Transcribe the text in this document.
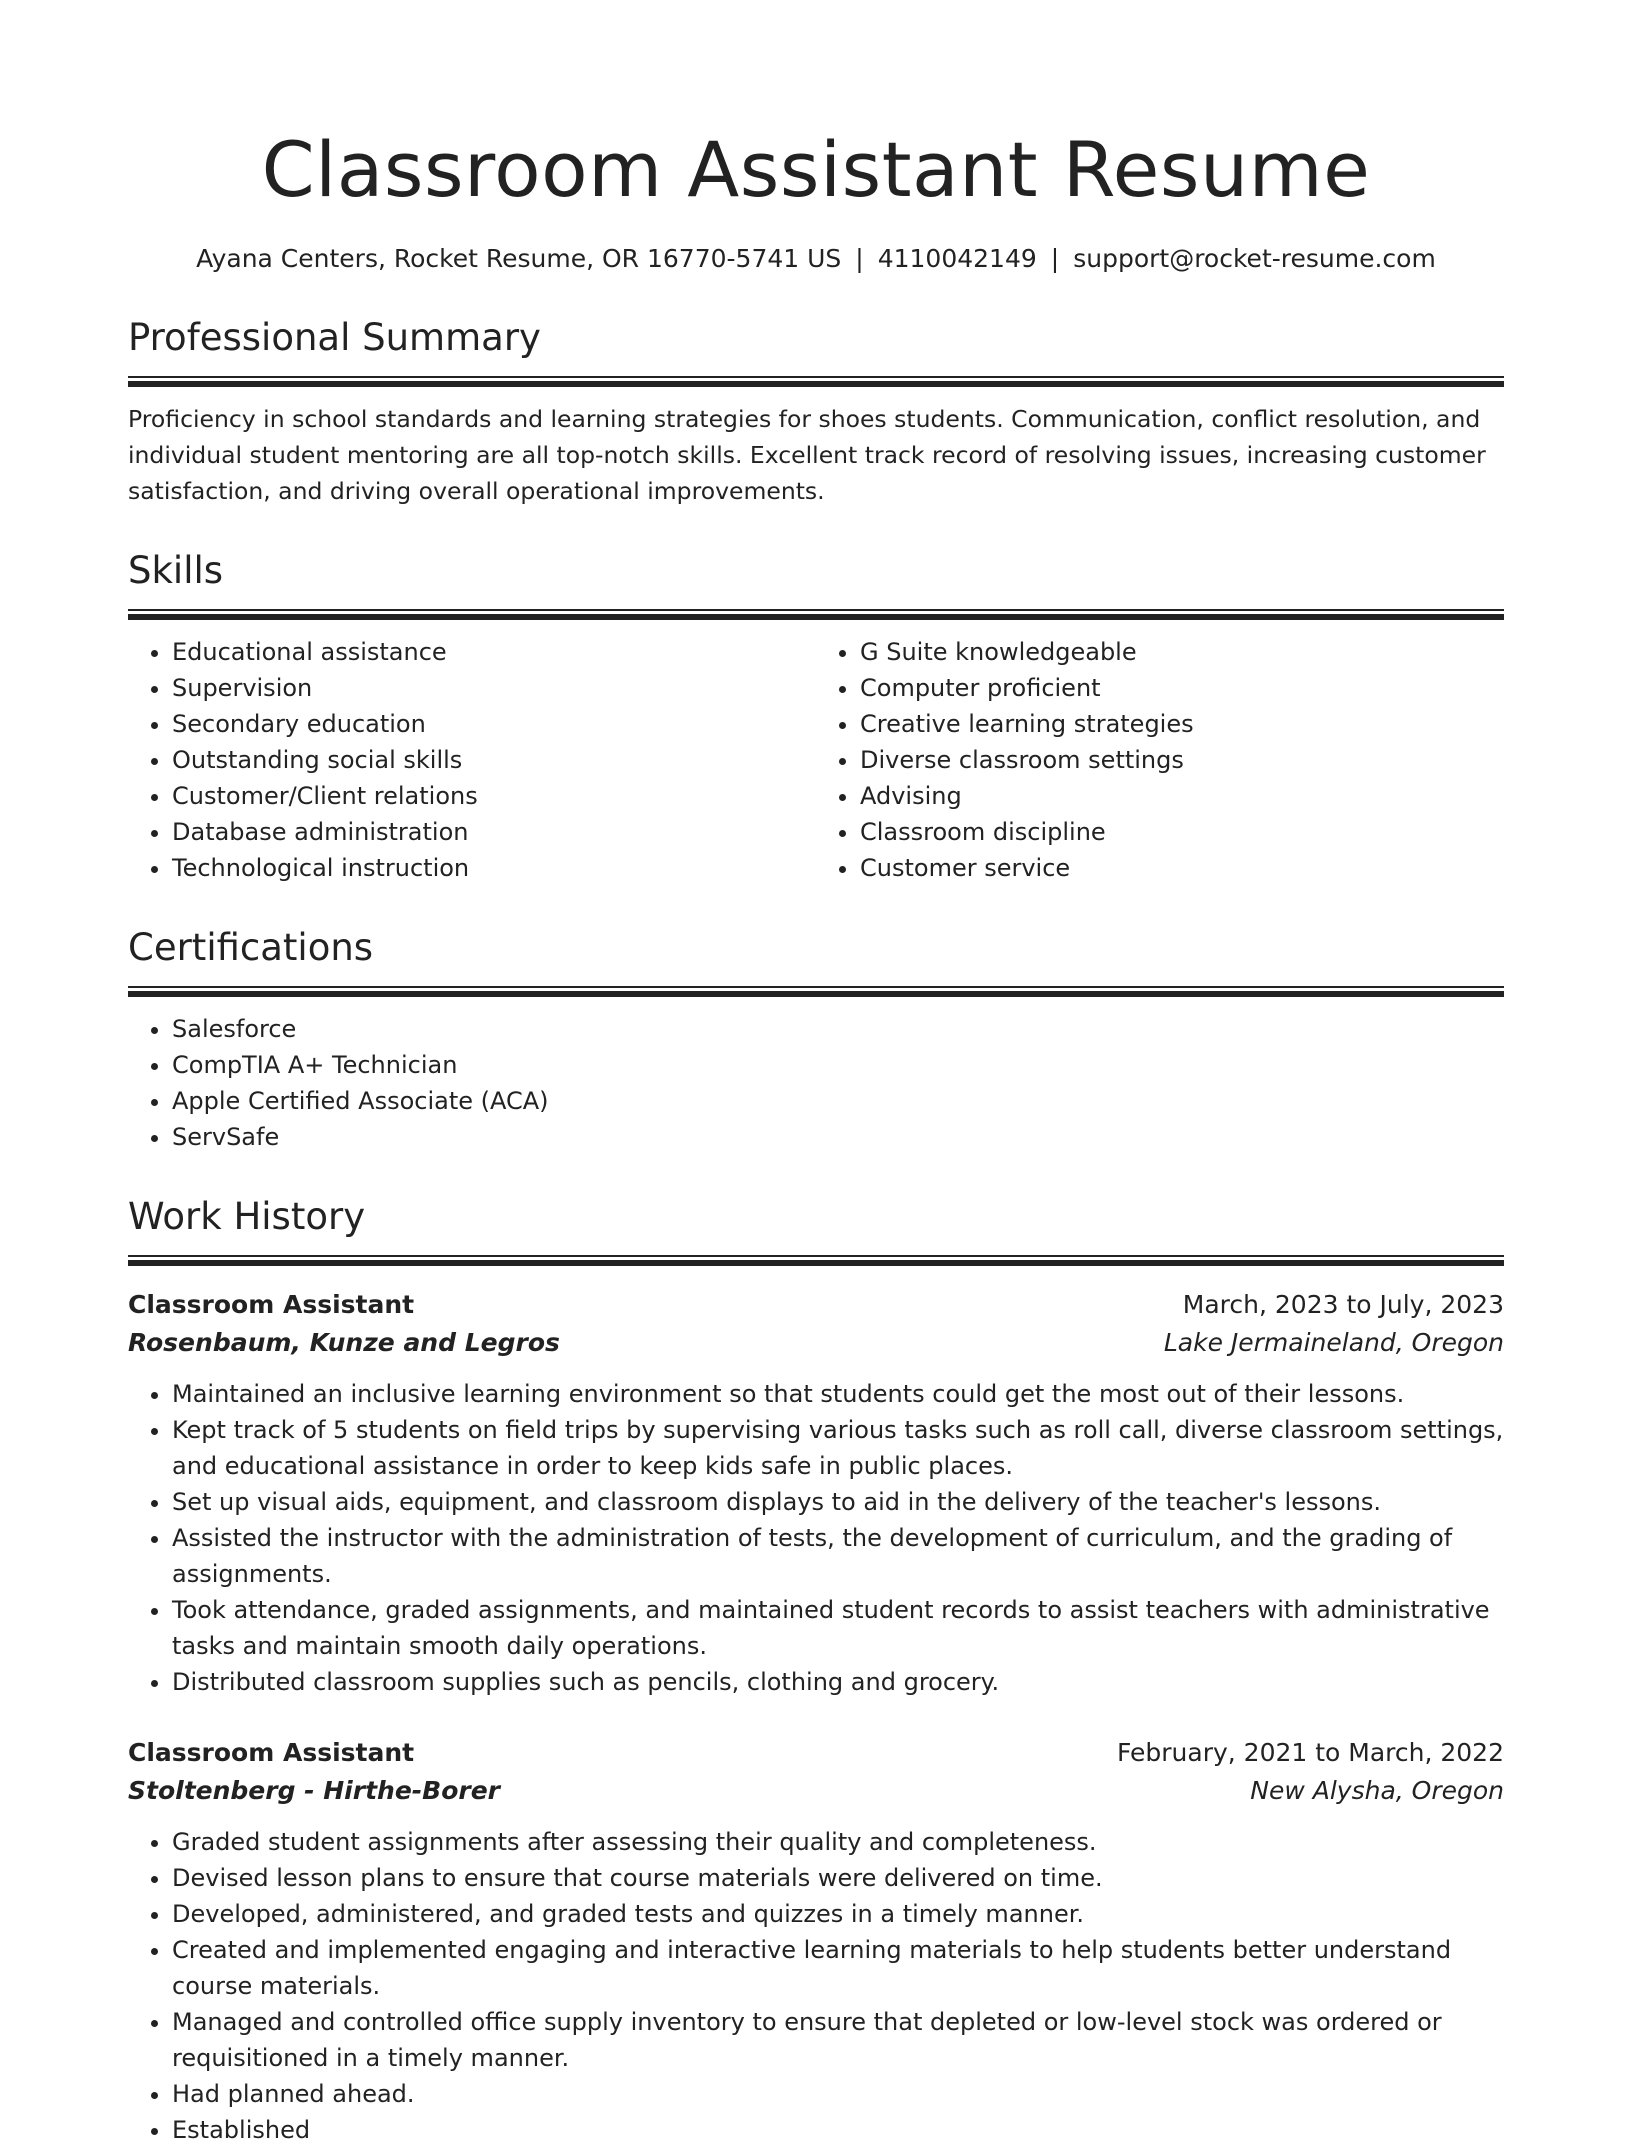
Classroom Assistant Resume
Ayana Centers, Rocket Resume, OR 16770-5741 US | 4110042149 | support@rocket-resume.com
Professional Summary

Proficiency in school standards and learning strategies for shoes students. Communication, conflict resolution, and individual student mentoring are all top-notch skills. Excellent track record of resolving issues, increasing customer satisfaction, and driving overall operational improvements.

Skills
• Educational assistance
• Supervision
• Secondary education
• Outstanding social skills
• Customer/Client relations
• Database administration
• Technological instruction
• G Suite knowledgeable
• Computer proficient
• Creative learning strategies
• Diverse classroom settings
• Advising
• Classroom discipline
• Customer service
Certifications
• Salesforce
• CompTIA A+ Technician
• Apple Certified Associate (ACA)
• ServSafe
Work History
Classroom Assistant	March, 2023 to July, 2023
Rosenbaum, Kunze and Legros	Lake Jermaineland, Oregon
• Maintained an inclusive learning environment so that students could get the most out of their lessons.
• Kept track of 5 students on field trips by supervising various tasks such as roll call, diverse classroom settings, and educational assistance in order to keep kids safe in public places.
• Set up visual aids, equipment, and classroom displays to aid in the delivery of the teacher's lessons.
• Assisted the instructor with the administration of tests, the development of curriculum, and the grading of assignments.
• Took attendance, graded assignments, and maintained student records to assist teachers with administrative tasks and maintain smooth daily operations.
• Distributed classroom supplies such as pencils, clothing and grocery.
Classroom Assistant	February, 2021 to March, 2022
Stoltenberg - Hirthe-Borer	New Alysha, Oregon
• Graded student assignments after assessing their quality and completeness.
• Devised lesson plans to ensure that course materials were delivered on time.
• Developed, administered, and graded tests and quizzes in a timely manner.
• Created and implemented engaging and interactive learning materials to help students better understand course materials.
• Managed and controlled office supply inventory to ensure that depleted or low-level stock was ordered or requisitioned in a timely manner.
• Had planned ahead.
• Established
